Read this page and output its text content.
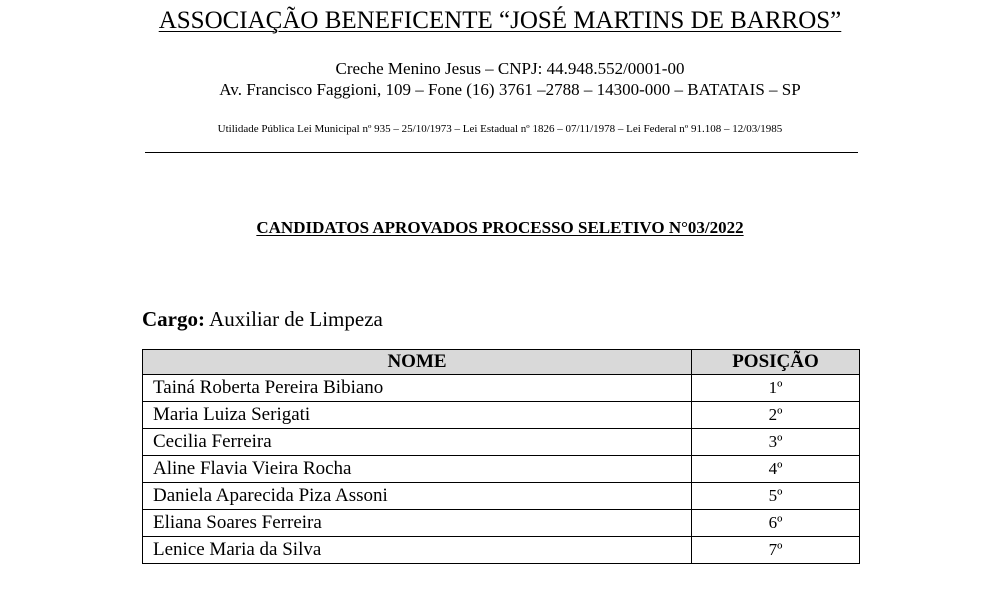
ASSOCIAÇÃO BENEFICENTE “JOSÉ MARTINS DE BARROS”
Creche Menino Jesus – CNPJ: 44.948.552/0001-00
Av. Francisco Faggioni, 109 – Fone (16) 3761 –2788 – 14300-000 – BATATAIS – SP
Utilidade Pública Lei Municipal nº 935 – 25/10/1973 – Lei Estadual nº 1826 – 07/11/1978 – Lei Federal nº 91.108 – 12/03/1985
CANDIDATOS APROVADOS PROCESSO SELETIVO N°03/2022
Cargo: Auxiliar de Limpeza
NOME	POSIÇÃO
Tainá Roberta Pereira Bibiano	1º
Maria Luiza Serigati	2º
Cecilia Ferreira	3º
Aline Flavia Vieira Rocha	4º
Daniela Aparecida Piza Assoni	5º
Eliana Soares Ferreira	6º
Lenice Maria da Silva	7º
